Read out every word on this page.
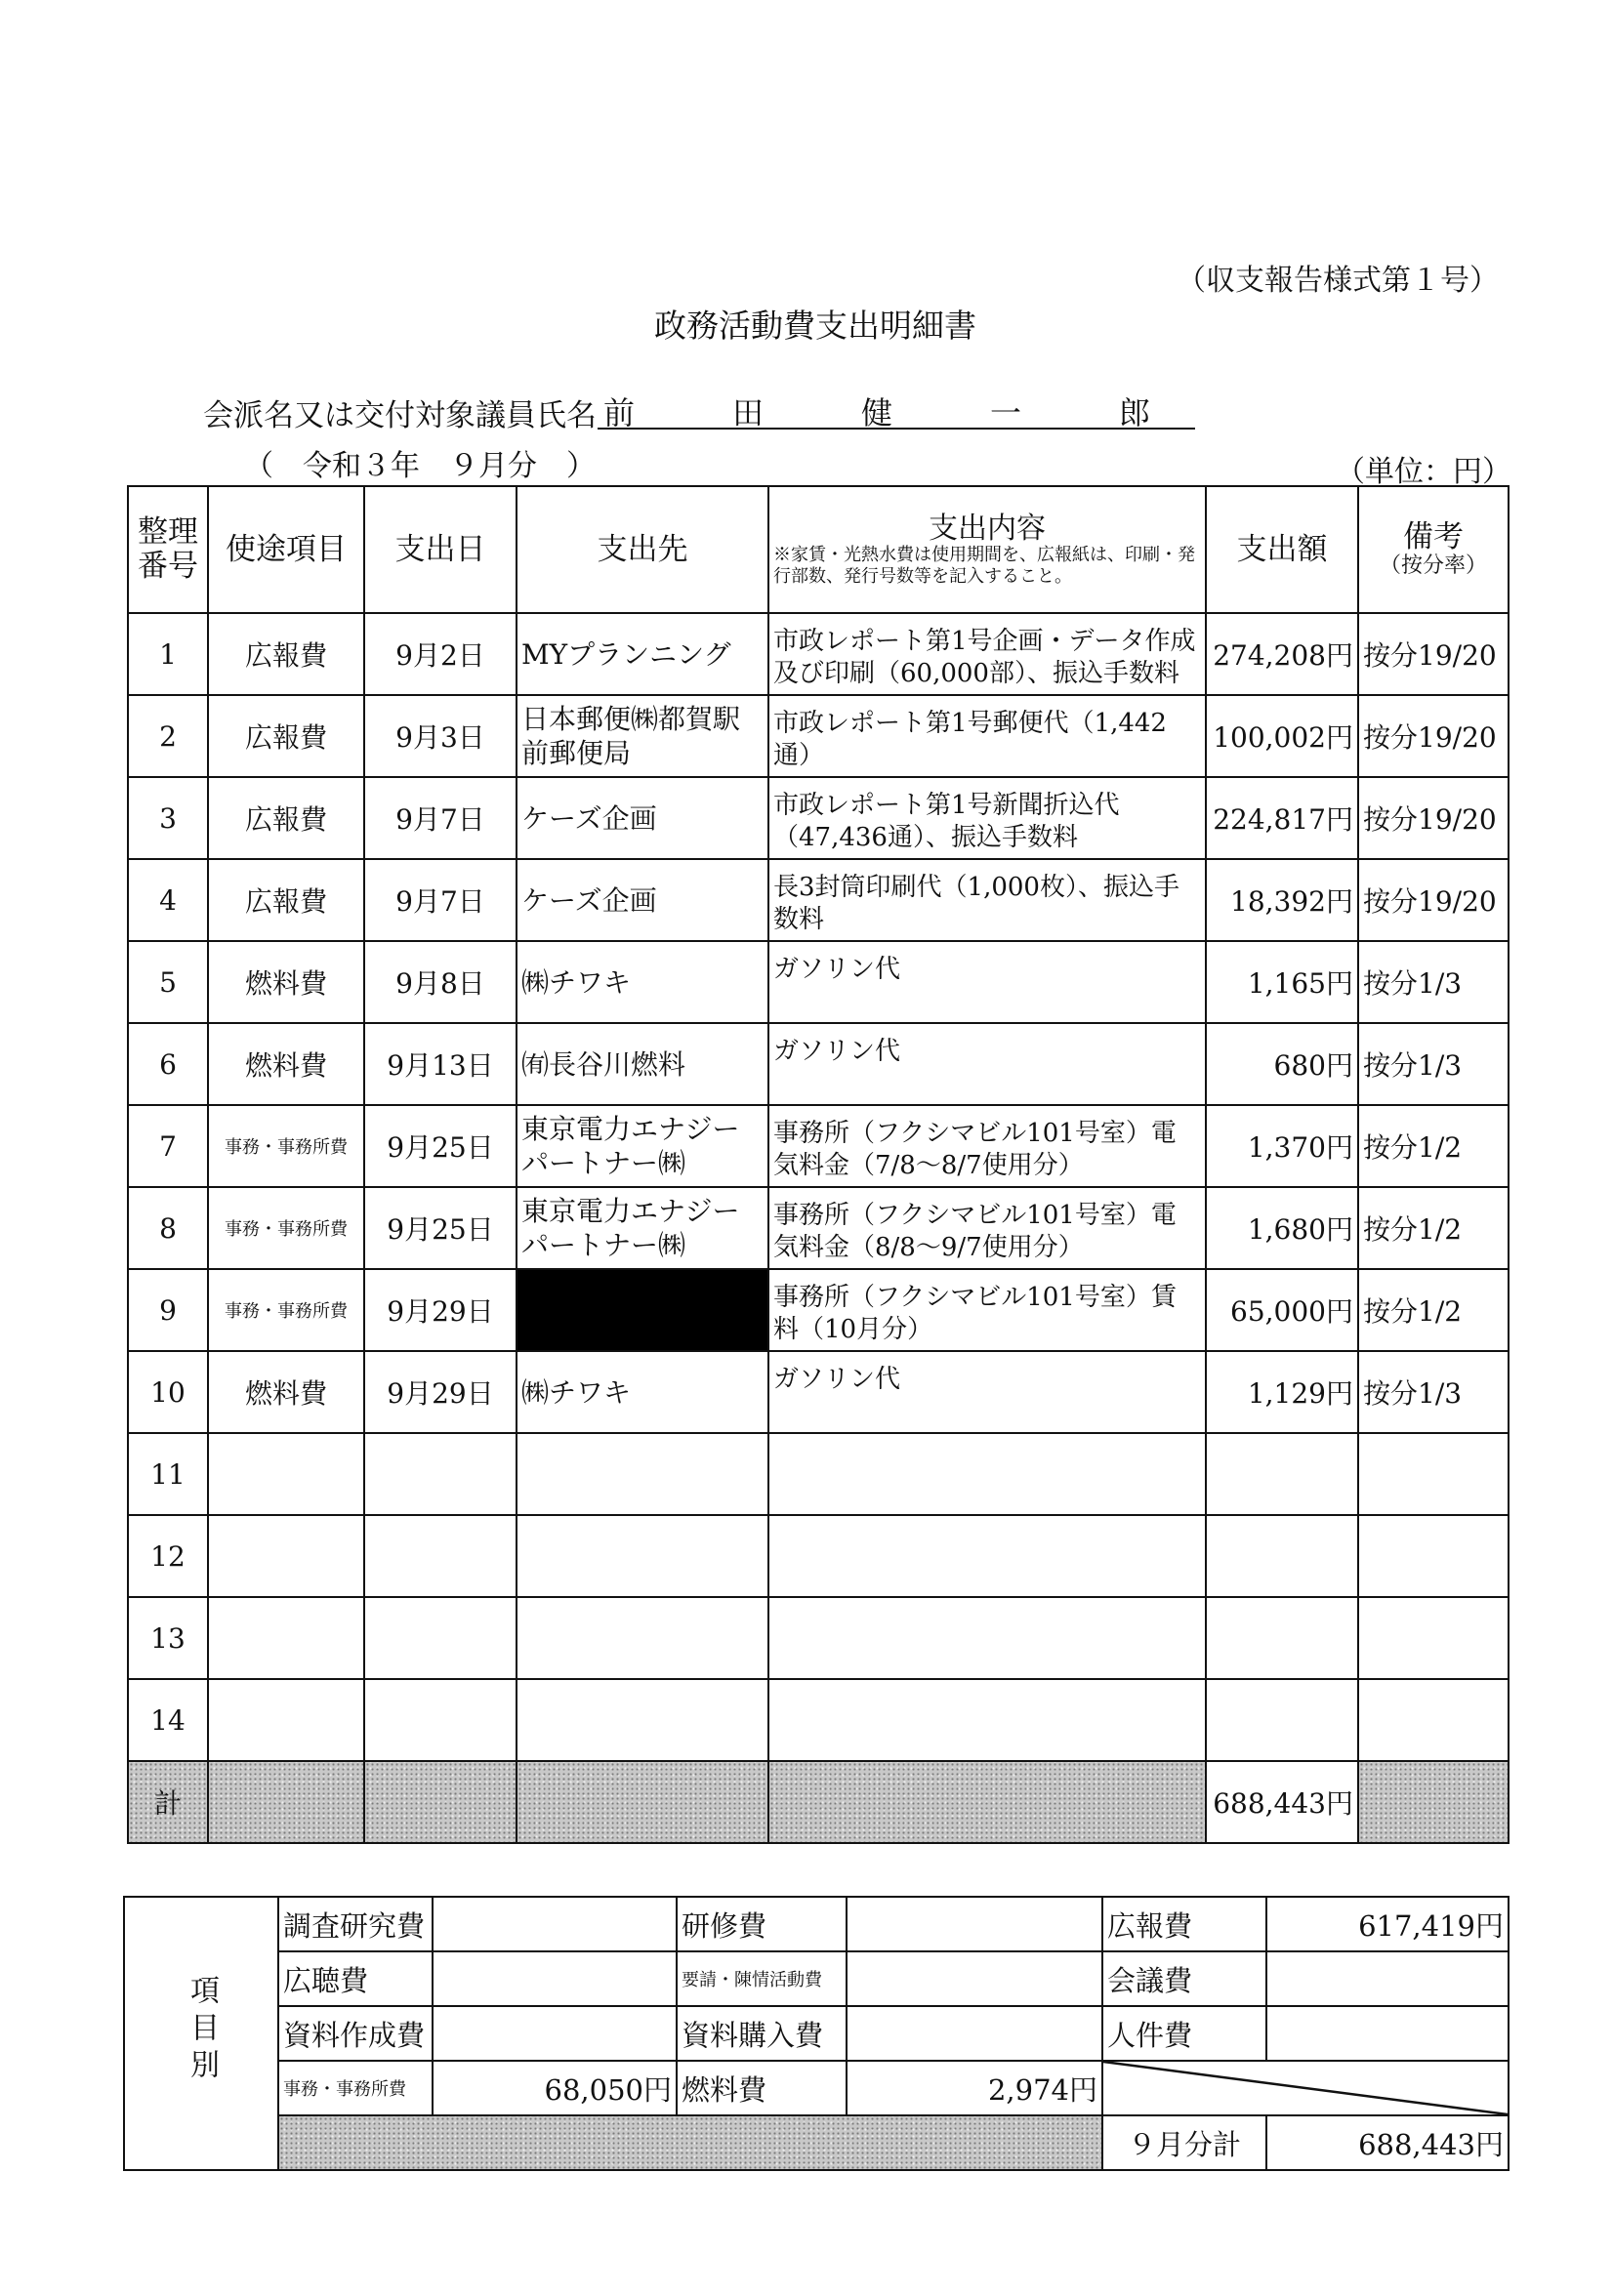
（収支報告様式第１号）
政務活動費支出明細書
会派名又は交付対象議員氏名 前	田	健	一	郎
（　令和３年　９月分　）	（単位：円）
整理番号	使途項目	支出日	支出先	支出内容
※家賃・光熱水費は使用期間を、広報紙は、印刷・発行部数、発行号数等を記入すること。	支出額	備考
（按分率）

1	広報費	9月2日	MYプランニング	市政レポート第1号企画・データ作成及び印刷（60,000部）、振込手数料	274,208円	按分19/20
2	広報費	9月3日	日本郵便㈱都賀駅前郵便局	市政レポート第1号郵便代（1,442通）	100,002円	按分19/20
3	広報費	9月7日	ケーズ企画	市政レポート第1号新聞折込代（47,436通）、振込手数料	224,817円	按分19/20
4	広報費	9月7日	ケーズ企画	長3封筒印刷代（1,000枚）、振込手数料	18,392円	按分19/20
5	燃料費	9月8日	㈱チワキ	ガソリン代	1,165円	按分1/3
6	燃料費	9月13日	㈲長谷川燃料	ガソリン代	680円	按分1/3
7	事務・事務所費	9月25日	東京電力エナジーパートナー㈱	事務所（フクシマビル101号室）電気料金（7/8～8/7使用分）	1,370円	按分1/2
8	事務・事務所費	9月25日	東京電力エナジーパートナー㈱	事務所（フクシマビル101号室）電気料金（8/8～9/7使用分）	1,680円	按分1/2
9	事務・事務所費	9月29日		事務所（フクシマビル101号室）賃料（10月分）	65,000円	按分1/2
10	燃料費	9月29日	㈱チワキ	ガソリン代	1,129円	按分1/3
11						
12						
13						
14						
計					688,443円	
項目別	調査研究費		研修費		広報費	617,419円
	広聴費		要請・陳情活動費		会議費	
	資料作成費		資料購入費		人件費	
	事務・事務所費	68,050円	燃料費	2,974円		
					９月分計	688,443円
